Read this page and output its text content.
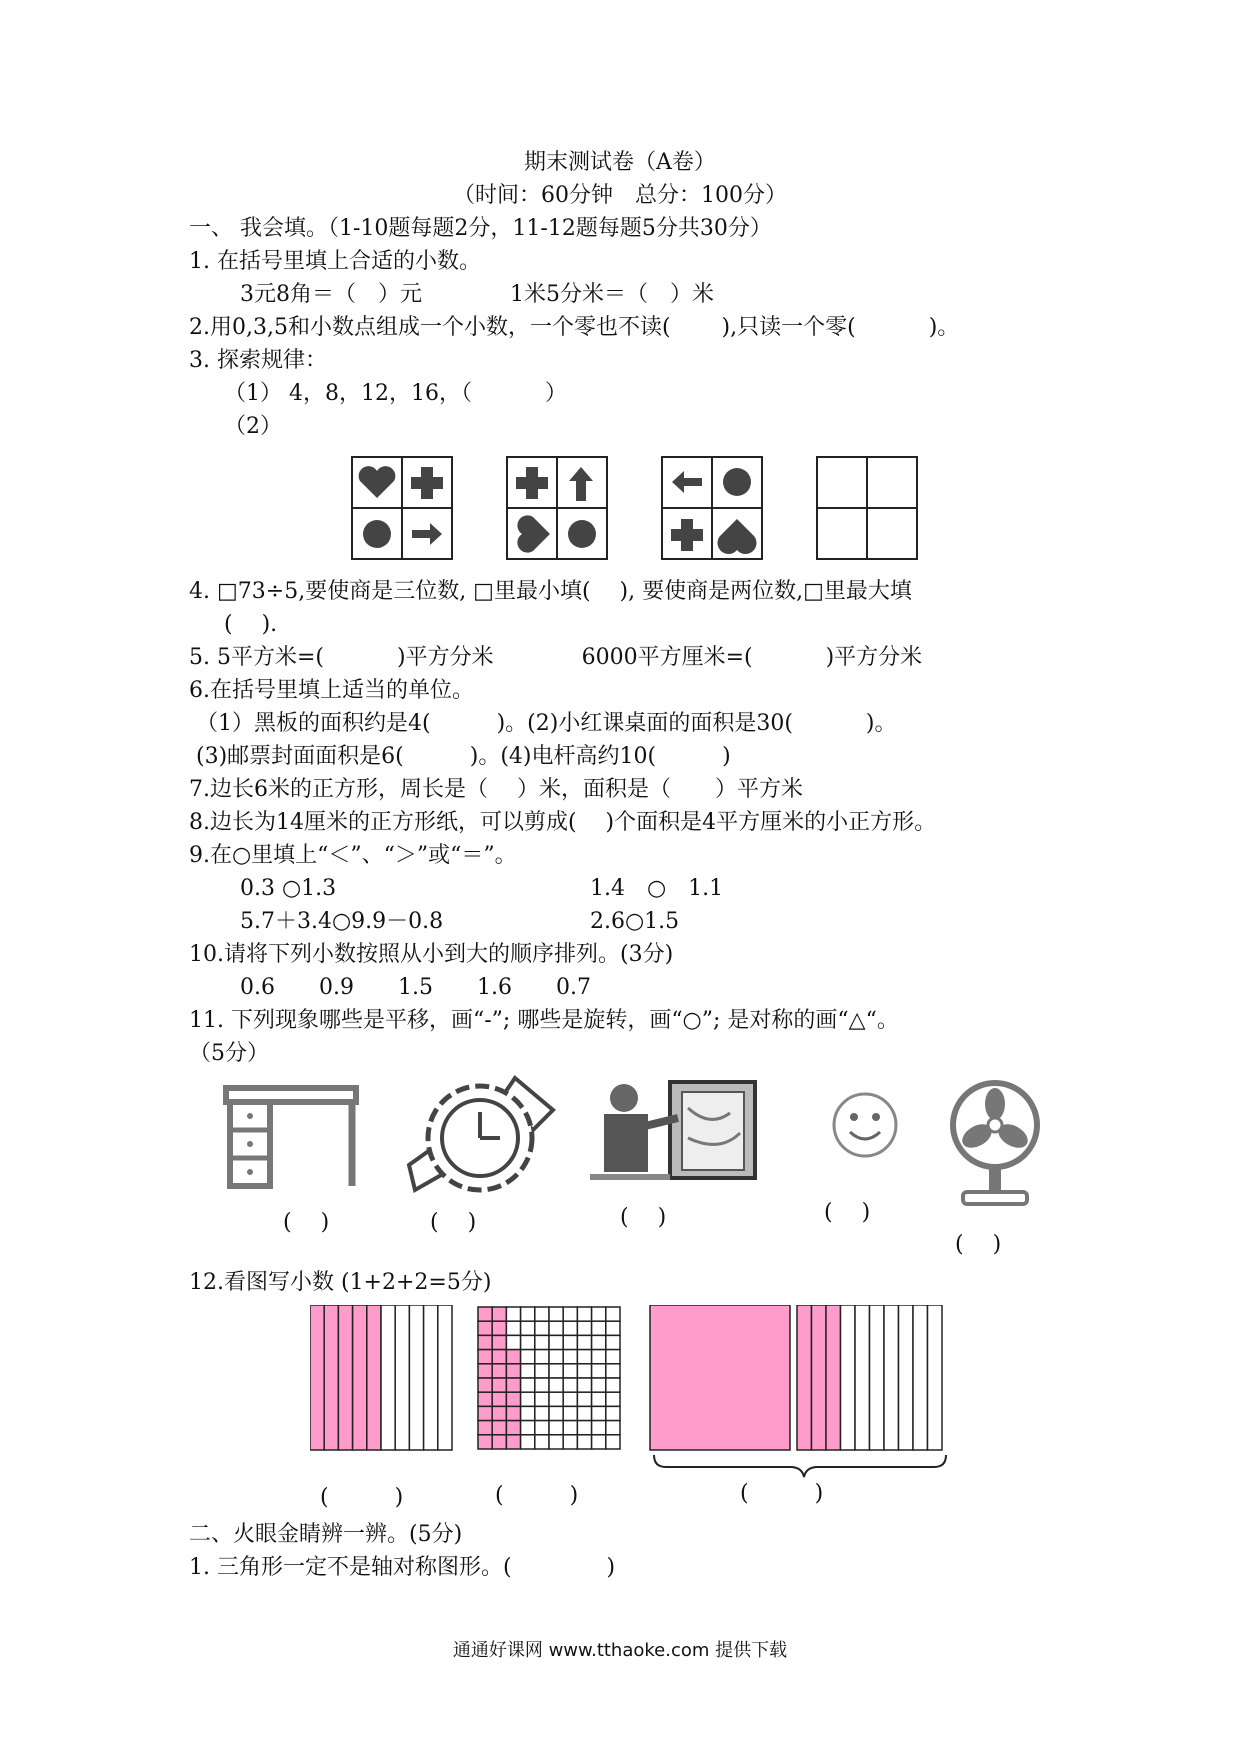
期末测试卷（A卷）
（时间：60分钟　总分：100分）
一、 我会填。（1-10题每题2分，11-12题每题5分共30分）
1. 在括号里填上合适的小数。
3元8角＝（　）元　　　　1米5分米＝（　）米
2.用0,3,5和小数点组成一个小数，一个零也不读(　　 ),只读一个零(　　　 )。
3. 探索规律：
（1） 4，8，12，16，（　　　 ）
（2）
4. □73÷5,要使商是三位数, □里最小填(　 ), 要使商是两位数,□里最大填
(　 ).
5. 5平方米=(　　　 )平方分米　　　　6000平方厘米=(　　　 )平方分米
6.在括号里填上适当的单位。
（1）黑板的面积约是4(　　　)。(2)小红课桌面的面积是30(　　　 )。
(3)邮票封面面积是6(　　　)。(4)电杆高约10(　　　)
7.边长6米的正方形，周长是（　 ）米，面积是（　　）平方米
8.边长为14厘米的正方形纸，可以剪成(　 )个面积是4平方厘米的小正方形。
9.在○里填上“＜”、“＞”或“＝”。
0.3 ○1.3	1.4　○　1.1
5.7＋3.4○9.9－0.8	2.6○1.5
10.请将下列小数按照从小到大的顺序排列。(3分)
0.6　　0.9　　1.5　　1.6　　0.7
11. 下列现象哪些是平移，画“-”; 哪些是旋转，画“○”; 是对称的画“△“。
（5分）
(　 )	(　 )	(　 )	(　 )
(　 )
12.看图写小数 (1+2+2=5分)
(　　　)	(　　　)	(　　　)
二、火眼金睛辨一辨。(5分)
1. 三角形一定不是轴对称图形。(　　　　 )
通通好课网 www.tthaoke.com 提供下载
